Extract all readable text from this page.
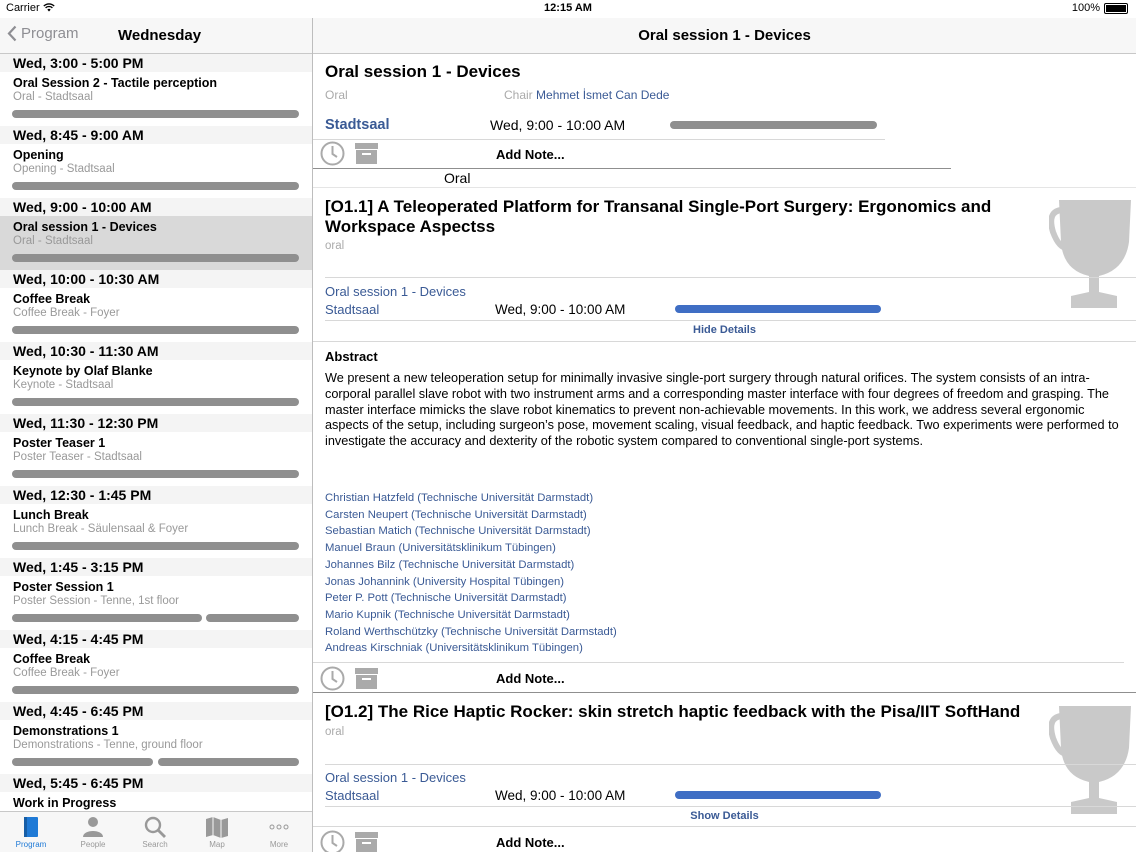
Carrier	12:15 AM	100%
Program	Wednesday
Wed, 3:00 - 5:00 PM
Oral Session 2 - Tactile perception
Oral - Stadtsaal
Wed, 8:45 - 9:00 AM
Opening
Opening - Stadtsaal
Wed, 9:00 - 10:00 AM
Oral session 1 - Devices
Oral - Stadtsaal
Wed, 10:00 - 10:30 AM
Coffee Break
Coffee Break - Foyer
Wed, 10:30 - 11:30 AM
Keynote by Olaf Blanke
Keynote - Stadtsaal
Wed, 11:30 - 12:30 PM
Poster Teaser 1
Poster Teaser - Stadtsaal
Wed, 12:30 - 1:45 PM
Lunch Break
Lunch Break - Säulensaal & Foyer
Wed, 1:45 - 3:15 PM
Poster Session 1
Poster Session - Tenne, 1st floor
Wed, 4:15 - 4:45 PM
Coffee Break
Coffee Break - Foyer
Wed, 4:45 - 6:45 PM
Demonstrations 1
Demonstrations - Tenne, ground floor
Wed, 5:45 - 6:45 PM
Work in Progress
Program	People	Search	Map	More
Oral session 1 - Devices
Oral session 1 - Devices
Oral	Chair Mehmet İsmet Can Dede
Stadtsaal	Wed, 9:00 - 10:00 AM
Add Note...
Oral
[O1.1] A Teleoperated Platform for Transanal Single-Port Surgery: Ergonomics and Workspace Aspectss
oral
Oral session 1 - Devices
Stadtsaal	Wed, 9:00 - 10:00 AM
Hide Details
Abstract
We present a new teleoperation setup for minimally invasive single-port surgery through natural orifices. The system consists of an intra-corporal parallel slave robot with two instrument arms and a corresponding master interface with four degrees of freedom and grasping. The master interface mimicks the slave robot kinematics to prevent non-achievable movements. In this work, we address several ergonomic aspects of the setup, including surgeon’s pose, movement scaling, visual feedback, and haptic feedback. Two experiments were performed to investigate the accuracy and dexterity of the robotic system compared to conventional single-port systems.
Christian Hatzfeld (Technische Universität Darmstadt)
Carsten Neupert (Technische Universität Darmstadt)
Sebastian Matich (Technische Universität Darmstadt)
Manuel Braun (Universitätsklinikum Tübingen)
Johannes Bilz (Technische Universität Darmstadt)
Jonas Johannink (University Hospital Tübingen)
Peter P. Pott (Technische Universität Darmstadt)
Mario Kupnik (Technische Universität Darmstadt)
Roland Werthschützky (Technische Universität Darmstadt)
Andreas Kirschniak (Universitätsklinikum Tübingen)
Add Note...
[O1.2] The Rice Haptic Rocker: skin stretch haptic feedback with the Pisa/IIT SoftHand
oral
Oral session 1 - Devices
Stadtsaal	Wed, 9:00 - 10:00 AM
Show Details
Add Note...
